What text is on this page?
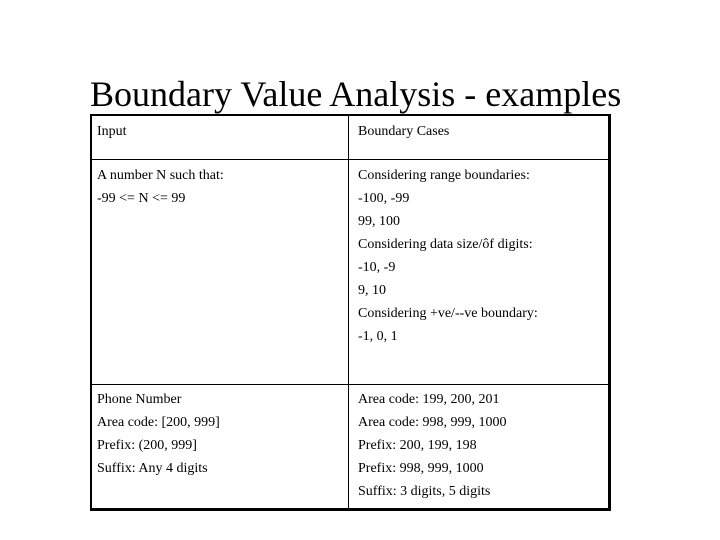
Boundary Value Analysis - examples
Input	Boundary Cases
A number N such that:
-99 <= N <= 99
Considering range boundaries:
-100, -99
99, 100
Considering data size/ôf digits:
-10, -9
9, 10
Considering +ve/--ve boundary:
-1, 0, 1
Phone Number
Area code: [200, 999]
Prefix: (200, 999]
Suffix: Any 4 digits
Area code: 199, 200, 201
Area code: 998, 999, 1000
Prefix: 200, 199, 198
Prefix: 998, 999, 1000
Suffix: 3 digits, 5 digits
